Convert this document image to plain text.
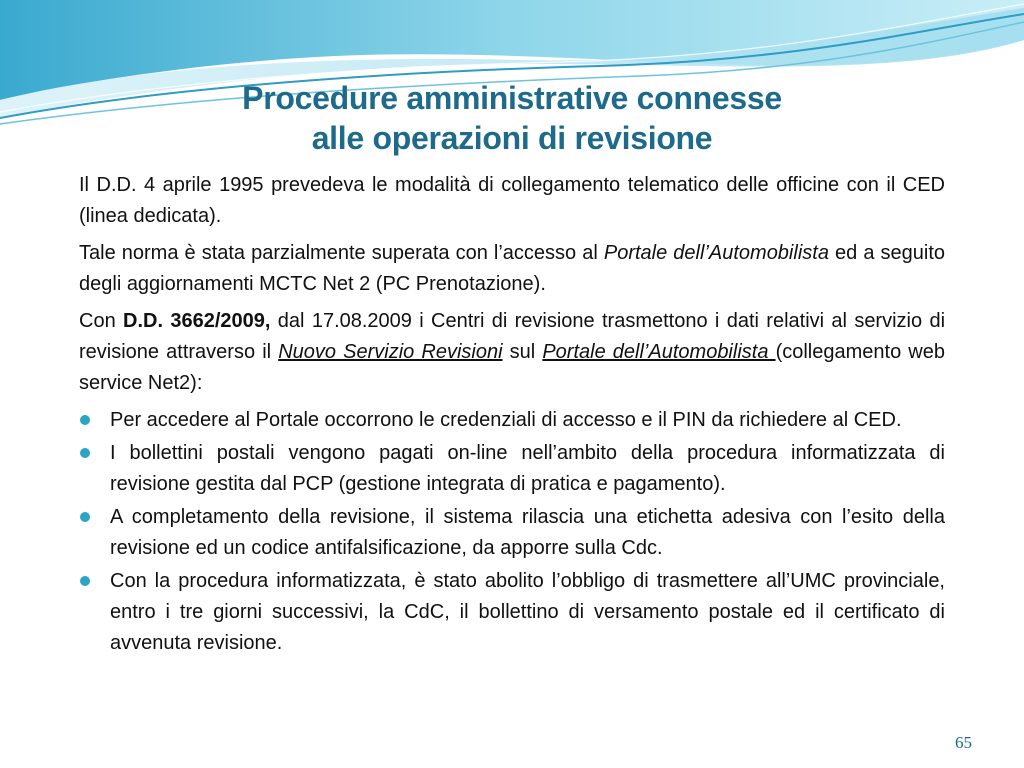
Procedure amministrative connesse
alle operazioni di revisione

Il D.D. 4 aprile 1995 prevedeva le modalità di collegamento telematico delle officine con il CED (linea dedicata).

Tale norma è stata parzialmente superata con l’accesso al Portale dell’Automobilista ed a seguito degli aggiornamenti MCTC Net 2 (PC Prenotazione).

Con D.D. 3662/2009, dal 17.08.2009 i Centri di revisione trasmettono i dati relativi al servizio di revisione attraverso il Nuovo Servizio Revisioni sul Portale dell’Automobilista (collegamento web service Net2):

Per accedere al Portale occorrono le credenziali di accesso e il PIN da richiedere al CED.
I bollettini postali vengono pagati on-line nell’ambito della procedura informatizzata di revisione gestita dal PCP (gestione integrata di pratica e pagamento).
A completamento della revisione, il sistema rilascia una etichetta adesiva con l’esito della revisione ed un codice antifalsificazione, da apporre sulla Cdc.
Con la procedura informatizzata, è stato abolito l’obbligo di trasmettere all’UMC provinciale, entro i tre giorni successivi, la CdC, il bollettino di versamento postale ed il certificato di avvenuta revisione.
65
